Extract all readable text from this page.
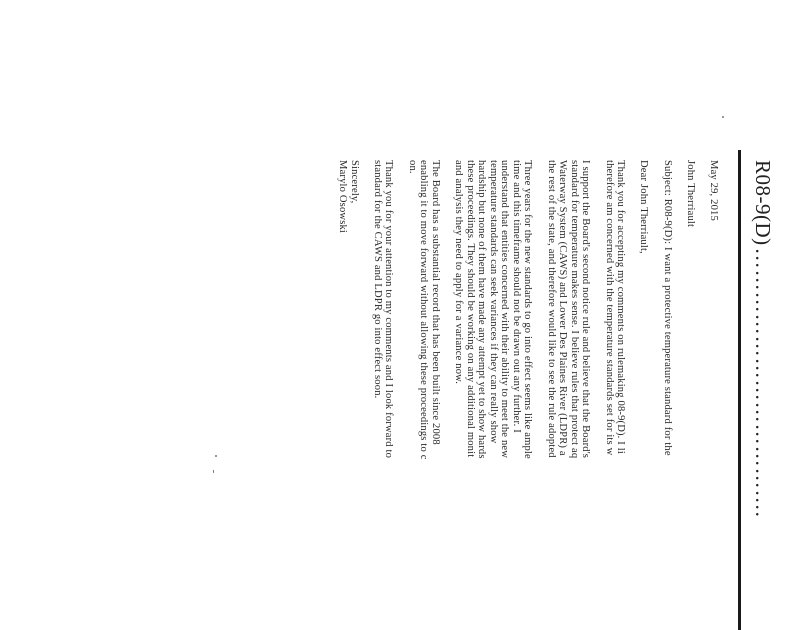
R08-9(D)……………………………….

May 29, 2015

John Therriault

Subject: R08-9(D): I want a protective temperature standard for the

Dear John Therriault,

Thank you for accepting my comments on rulemaking 08-9(D). I li
therefore am concerned with the temperature standards set for its w

I support the Board's second notice rule and believe that the Board's
standard for temperature makes sense. I believe rules that protect aq
Waterway System (CAWS) and Lower Des Plaines River (LDPR) a
the rest of the state, and therefore would like to see the rule adopted

Three years for the new standards to go into effect seems like ample
time and this timeframe should not be drawn out any further. I
understand that entities concerned with their ability to meet the new
temperature standards can seek variances if they can really show
hardship but none of them have made any attempt yet to show hards
these proceedings. They should be working on any additional monit
and analysis they need to apply for a variance now.

The Board has a substantial record that has been built since 2008
enabling it to move forward without allowing these proceedings to c
on.

Thank you for your attention to my comments and I look forward to
standard for the CAWS and LDPR go into effect soon.

Sincerely,

Marylo Osowski
